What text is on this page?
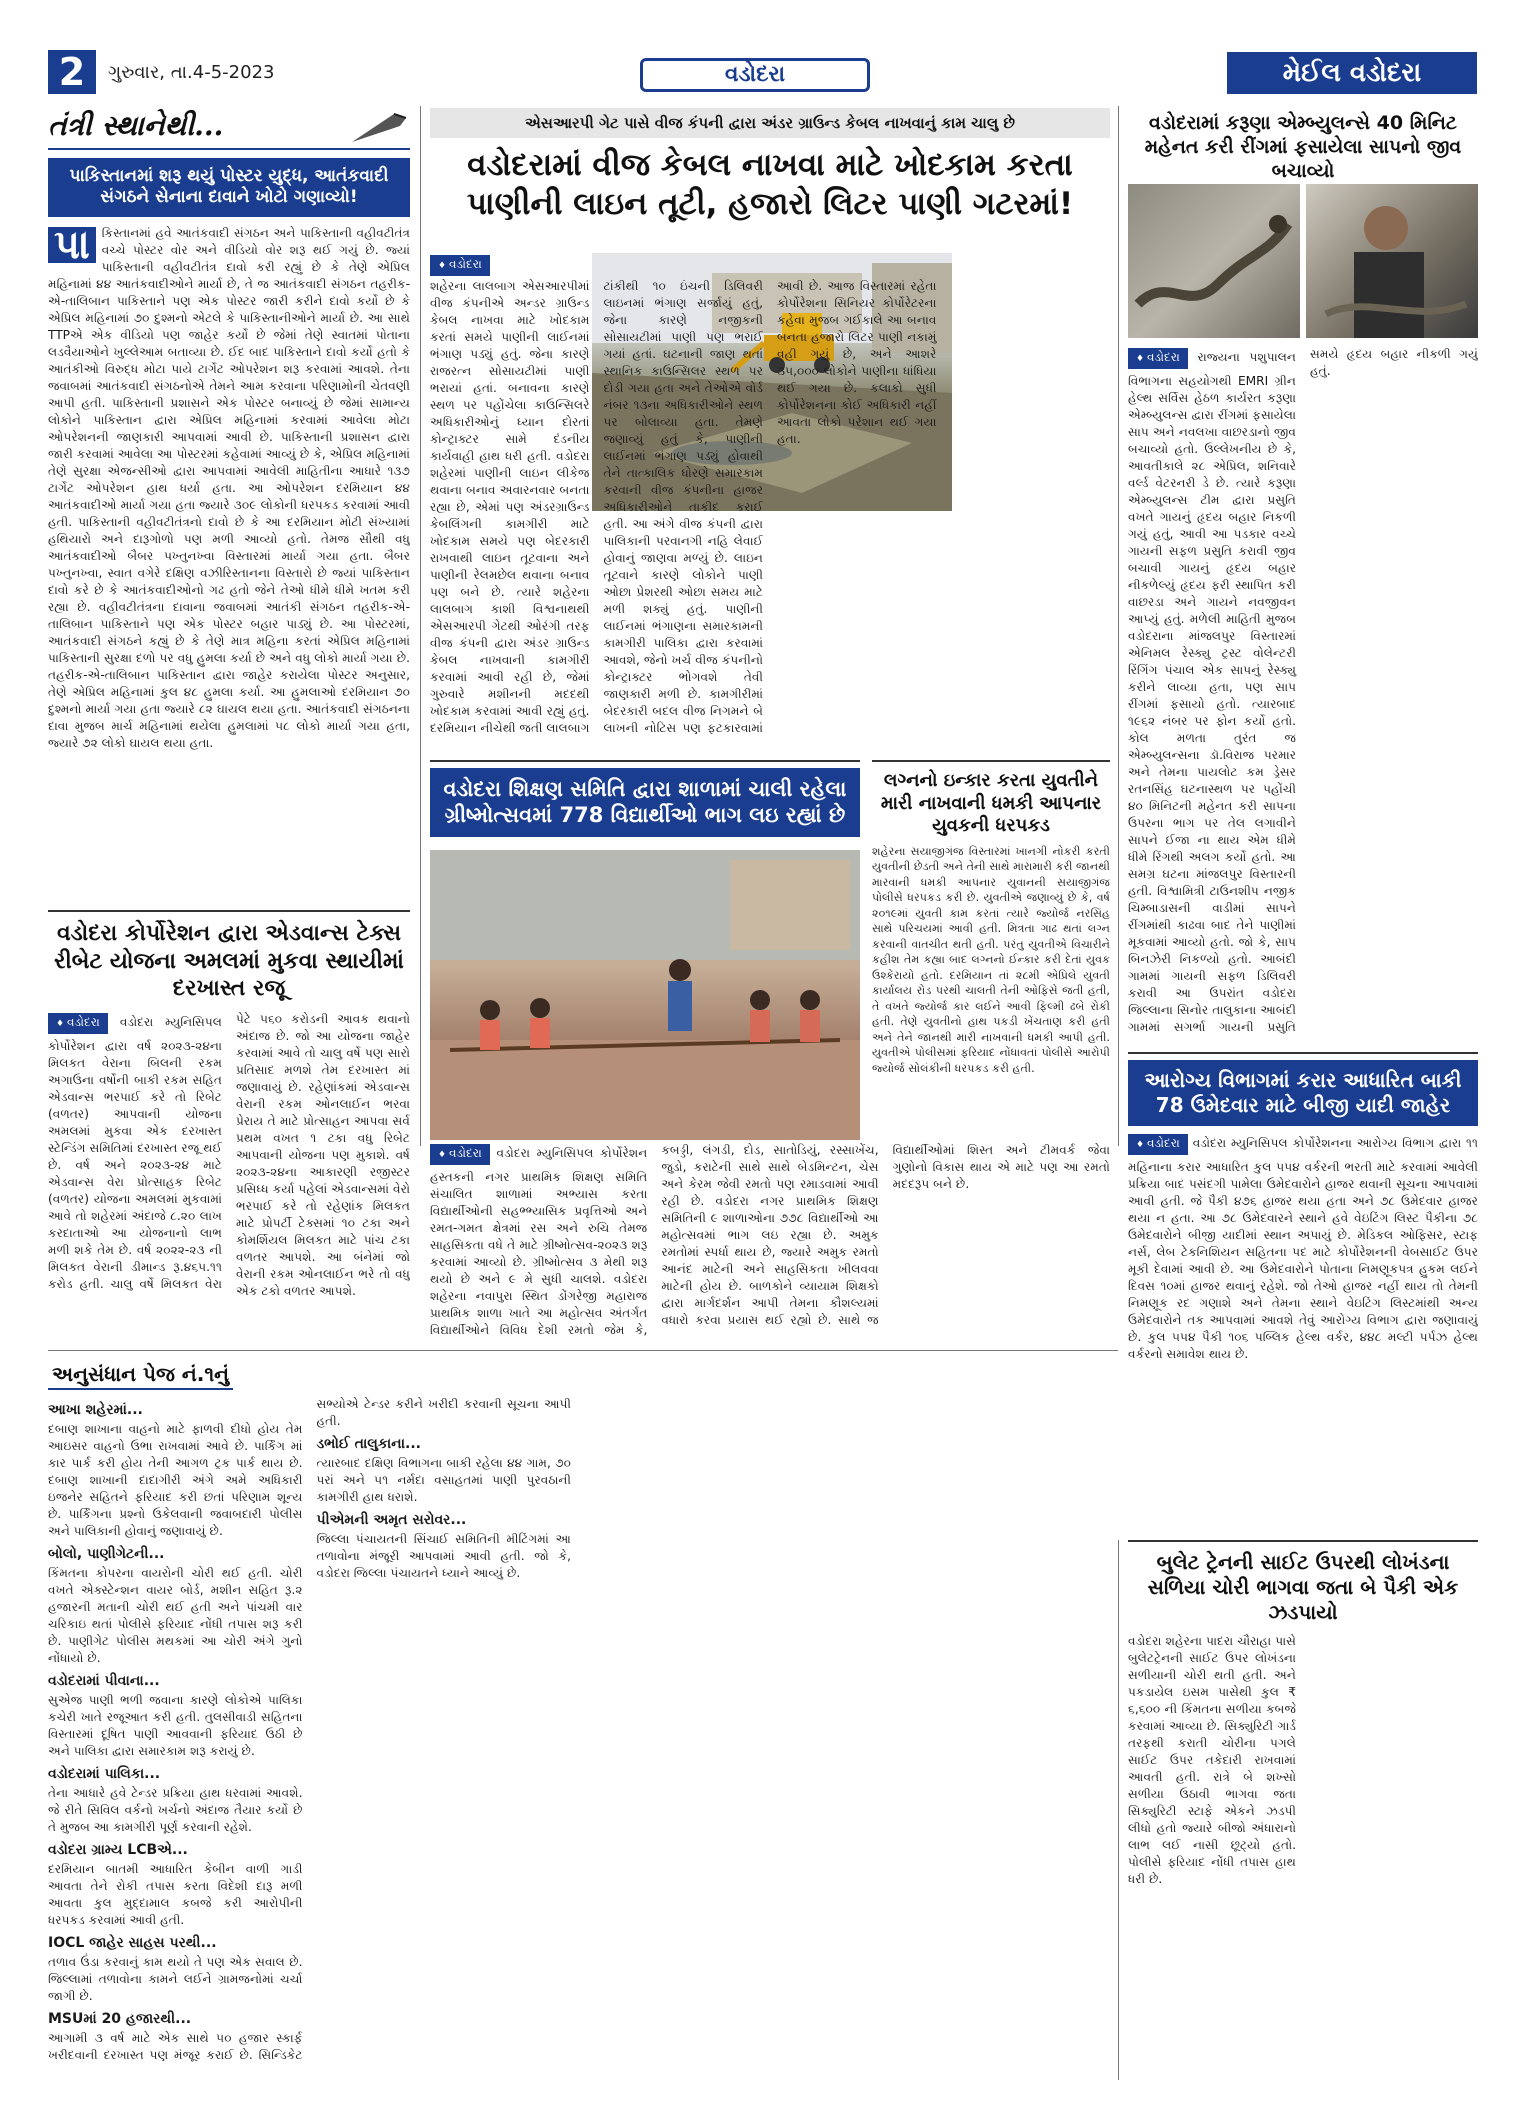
2	ગુરુવાર, તા.4-5-2023	વડોદરા	મેઈલ વડોદરા
તંત્રી સ્થાનેથી...
પાકિસ્તાનમાં શરૂ થયું પોસ્ટર યુદ્ધ, આતંકવાદી સંગઠને સેનાના દાવાને ખોટો ગણાવ્યો!
પા કિસ્તાનમાં હવે આતંકવાદી સંગઠન અને પાકિસ્તાની વહીવટીતંત્ર વચ્ચે પોસ્ટર વોર અને વીડિયો વોર શરૂ થઈ ગયું છે. જ્યાં પાકિસ્તાની વહીવટીતંત્ર દાવો કરી રહ્યું છે કે તેણે એપ્રિલ મહિનામાં ૪૪ આતંકવાદીઓને માર્યા છે, તે જ આતંકવાદી સંગઠન તહરીક-એ-તાલિબાન પાકિસ્તાને પણ એક પોસ્ટર જારી કરીને દાવો કર્યો છે કે એપ્રિલ મહિનામાં ૭૦ દુશ્મનો એટલે કે પાકિસ્તાનીઓને માર્યા છે. આ સાથે TTPએ એક વીડિયો પણ જાહેર કર્યો છે જેમાં તેણે સ્વાતમાં પોતાના લડવૈયાઓને ખુલ્લેઆમ બતાવ્યા છે. ઈદ બાદ પાકિસ્તાને દાવો કર્યો હતો કે આતંકીઓ વિરુદ્ધ મોટા પાયે ટાર્ગેટ ઓપરેશન શરૂ કરવામાં આવશે. તેના જવાબમાં આતંકવાદી સંગઠનોએ તેમને આમ કરવાના પરિણામોની ચેતવણી આપી હતી. પાકિસ્તાની પ્રશાસને એક પોસ્ટર બનાવ્યું છે જેમાં સામાન્ય લોકોને પાકિસ્તાન દ્વારા એપ્રિલ મહિનામાં કરવામાં આવેલા મોટા ઓપરેશનની જાણકારી આપવામાં આવી છે. પાકિસ્તાની પ્રશાસન દ્વારા જારી કરવામાં આવેલા આ પોસ્ટરમાં કહેવામાં આવ્યું છે કે, એપ્રિલ મહિનામાં તેણે સુરક્ષા એજન્સીઓ દ્વારા આપવામાં આવેલી માહિતીના આધારે ૧૩૭ ટાર્ગેટ ઓપરેશન હાથ ધર્યા હતા. આ ઓપરેશન દરમિયાન ૪૪ આતંકવાદીઓ માર્યા ગયા હતા જ્યારે ૩૦૯ લોકોની ધરપકડ કરવામાં આવી હતી. પાકિસ્તાની વહીવટીતંત્રનો દાવો છે કે આ દરમિયાન મોટી સંખ્યામાં હથિયારો અને દારૂગોળો પણ મળી આવ્યો હતો. તેમજ સૌથી વધુ આતંકવાદીઓ બૈબર પખ્તુનખ્વા વિસ્તારમાં માર્યા ગયા હતા. બૈબર પખ્તુનખ્વા, સ્વાત વગેરે દક્ષિણ વઝીરિસ્તાનના વિસ્તારો છે જ્યાં પાકિસ્તાન દાવો કરે છે કે આતંકવાદીઓનો ગઢ હતો જેને તેઓ ધીમે ધીમે ખતમ કરી રહ્યા છે. વહીવટીતંત્રના દાવાના જવાબમાં આતંકી સંગઠન તહરીક-એ-તાલિબાન પાકિસ્તાને પણ એક પોસ્ટર બહાર પાડ્યું છે. આ પોસ્ટરમાં, આતંકવાદી સંગઠને કહ્યું છે કે તેણે માત્ર મહિના કરતાં એપ્રિલ મહિનામાં પાકિસ્તાની સુરક્ષા દળો પર વધુ હુમલા કર્યા છે અને વધુ લોકો માર્યા ગયા છે. તહરીક-એ-તાલિબાન પાકિસ્તાન દ્વારા જાહેર કરાયેલા પોસ્ટર અનુસાર, તેણે એપ્રિલ મહિનામાં કુલ ૪૮ હુમલા કર્યા. આ હુમલાઓ દરમિયાન ૭૦ દુશ્મનો માર્યા ગયા હતા જ્યારે ૮૨ ઘાયલ થયા હતા. આતંકવાદી સંગઠનના દાવા મુજબ માર્ચ મહિનામાં થયેલા હુમલામાં ૫૮ લોકો માર્યા ગયા હતા, જ્યારે ૭૨ લોકો ઘાયલ થયા હતા.
વડોદરા કોર્પોરેશન દ્વારા એડવાન્સ ટેક્સ રીબેટ યોજના અમલમાં મુકવા સ્થાયીમાં દરખાસ્ત રજૂ
♦ વડોદરા વડોદરા મ્યુનિસિપલ કોર્પોરેશન દ્વારા વર્ષ ૨૦૨૩-૨૪ના મિલકત વેરાના બિલની રકમ અગાઉના વર્ષોની બાકી રકમ સહિત એડવાન્સ ભરપાઈ કરે તો રિબેટ (વળતર) આપવાની યોજના અમલમાં મુકવા એક દરખાસ્ત સ્ટેન્ડિંગ સમિતિમાં દરખાસ્ત રજૂ થઈ છે. વર્ષ અને ૨૦૨૩-૨૪ માટે એડવાન્સ વેરા પ્રોત્સાહક રિબેટ (વળતર) યોજના અમલમાં મુકવામાં આવે તો શહેરમાં અંદાજે ૮.૨૦ લાખ કરદાતાઓ આ યોજનાનો લાભ મળી શકે તેમ છે. વર્ષ ૨૦૨૨-૨૩ ની મિલકત વેરાની ડીમાન્ડ રૂ.૪૬૫.૧૧ કરોડ હતી. ચાલુ વર્ષે મિલકત વેરા પેટે ૫૬૦ કરોડની આવક થવાનો અંદાજ છે. જો આ યોજના જાહેર કરવામાં આવે તો ચાલુ વર્ષે પણ સારો પ્રતિસાદ મળશે તેમ દરખાસ્ત માં જણાવાયું છે. રહેણાંકમાં એડવાન્સ વેરાની રકમ ઓનલાઈન ભરવા પ્રેરાય તે માટે પ્રોત્સાહન આપવા સર્વ પ્રથમ વખત ૧ ટકા વધુ રિબેટ આપવાની યોજના પણ મુકાશે. વર્ષ ૨૦૨૩-૨૪ના આકારણી રજીસ્ટર પ્રસિધ્ધ કર્યા પહેલાં એડવાન્સમાં વેરો ભરપાઈ કરે તો રહેણાંક મિલકત માટે પ્રોપર્ટી ટેક્સમાં ૧૦ ટકા અને કોમર્શિયલ મિલકત માટે પાંચ ટકા વળતર આપશે. આ બંનેમાં જો વેરાની રકમ ઓનલાઈન ભરે તો વધુ એક ટકો વળતર આપશે.
એસઆરપી ગેટ પાસે વીજ કંપની દ્વારા અંડર ગ્રાઉન્ડ કેબલ નાખવાનું કામ ચાલુ છે
વડોદરામાં વીજ કેબલ નાખવા માટે ખોદકામ કરતા પાણીની લાઇન તૂટી, હજારો લિટર પાણી ગટરમાં!
♦ વડોદરા
શહેરના લાલબાગ એસઆરપીમાં વીજ કંપનીએ અન્ડર ગ્રાઉન્ડ કેબલ નાખવા માટે ખોદકામ કરતાં સમયે પાણીની લાઈનમાં ભંગાણ પડ્યું હતું. જેના કારણે રાજરત્ન સોસાયટીમાં પાણી ભરાયાં હતાં. બનાવના કારણે સ્થળ પર પહોંચેલા કાઉન્સિલરે અધિકારીઓનું ધ્યાન દોરતાં કોન્ટ્રાક્ટર સામે દંડનીય કાર્યવાહી હાથ ધરી હતી. વડોદરા શહેરમાં પાણીની લાઇન લીકેજ થવાના બનાવ અવારનવાર બનતા રહ્યા છે, એમાં પણ અંડરગ્રાઉન્ડ કેબલિંગની કામગીરી માટે ખોદકામ સમયે પણ બેદરકારી રાખવાથી લાઇન તૂટવાના અને પાણીની રેલમછેલ થવાના બનાવ પણ બને છે. ત્યારે શહેરના લાલબાગ કાશી વિશ્વનાથથી એસઆરપી ગેટથી ઓરંગી તરફ વીજ કંપની દ્વારા અંડર ગ્રાઉન્ડ કેબલ નાખવાની કામગીરી કરવામાં આવી રહી છે, જેમાં ગુરુવારે મશીનની મદદથી ખોદકામ કરવામાં આવી રહ્યું હતું. દરમિયાન નીચેથી જતી લાલબાગ ટાંકીથી ૧૦ ઇંચની ડિલિવરી લાઇનમાં ભંગાણ સર્જાયું હતું, જેના કારણે નજીકની સોસાયટીમાં પાણી પણ ભરાઈ ગયાં હતાં. ઘટનાની જાણ થતાં સ્થાનિક કાઉન્સિલર સ્થળ પર દોડી ગયા હતા અને તેઓએ વોર્ડ નંબર ૧૩ના અધિકારીઓને સ્થળ પર બોલાવ્યા હતા. તેમણે જણાવ્યું હતું કે, પાણીની લાઈનમાં ભંગાણ પડ્યું હોવાથી તેને તાત્કાલિક ધોરણે સમારકામ કરવાની વીજ કંપનીના હાજર અધિકારીઓને તાકીદ કરાઈ હતી. આ અંગે વીજ કંપની દ્વારા પાલિકાની પરવાનગી નહિ લેવાઈ હોવાનું જાણવા મળ્યું છે. લાઇન તૂટવાને કારણે લોકોને પાણી ઓછા પ્રેશરથી ઓછા સમય માટે મળી શક્યું હતું. પાણીની લાઈનમાં ભંગાણના સમારકામની કામગીરી પાલિકા દ્વારા કરવામાં આવશે, જેનો ખર્ચ વીજ કંપનીનો કોન્ટ્રાક્ટર ભોગવશે તેવી જાણકારી મળી છે. કામગીરીમાં બેદરકારી બદલ વીજ નિગમને બે લાખની નોટિસ પણ ફટકારવામાં આવી છે. આજ વિસ્તારમાં રહેતા કોર્પોરેશના સિનિયર કોર્પોરેટરના કહેવા મુજબ ગઈકાલે આ બનાવ બનતા હજારો લિટર પાણી નકામું વહી ગયું છે, અને આશરે ૩૫,૦૦૦ લોકોને પાણીના ધાંધિયા થઈ ગયા છે. કલાકો સુધી કોર્પોરેશનના કોઈ અધિકારી નહીં આવતા લોકો પરેશાન થઈ ગયા હતા.
વડોદરામાં કરૂણા એમ્બ્યુલન્સે 40 મિનિટ મહેનત કરી રીંગમાં ફસાયેલા સાપનો જીવ બચાવ્યો
♦ વડોદરા રાજ્યના પશુપાલન વિભાગના સહયોગથી EMRI ગ્રીન હેલ્થ સર્વિસ હેઠળ કાર્યરત કરૂણા એમ્બ્યુલન્સ દ્વારા રીંગમાં ફસાયેલા સાપ અને નવલખા વાછરડાનો જીવ બચાવ્યો હતો. ઉલ્લેખનીય છે કે, આવતીકાલે ૨૮ એપ્રિલ, શનિવારે વર્લ્ડ વેટરનરી ડે છે. ત્યારે કરૂણા એમ્બ્યુલન્સ ટીમ દ્વારા પ્રસુતિ વખતે ગાયનું હૃદય બહાર નિકળી ગયું હતું, આવી આ પડકાર વચ્ચે ગાયની સફળ પ્રસુતિ કરાવી જીવ બચાવી ગાયનું હૃદય બહાર નીકળેલ્યું હૃદય ફરી સ્થાપિત કરી વાછરડા અને ગાયને નવજીવન આપ્યું હતું. મળેલી માહિતી મુજબ વડોદરાના માંજલપુર વિસ્તારમાં એનિમલ રેસ્ક્યુ ટ્રસ્ટ વોલેન્ટરી રિંગિંગ પંચાલ એક સાપનું રેસ્ક્યુ કરીને લાવ્યા હતા, પણ સાપ રીંગમાં ફસાયો હતો. ત્યારબાદ ૧૯૬૨ નંબર પર ફોન કર્યો હતો. કોલ મળતા તુરંત જ એમ્બ્યુલન્સના ડૉ.વિરાજ પરમાર અને તેમના પાયલોટ કમ ડ્રેસર રતનસિંહ ઘટનાસ્થળ પર પહોંચી ૪૦ મિનિટની મહેનત કરી સાપના ઉપરના ભાગ પર તેલ લગાવીને સાપને ઈજા ના થાય એમ ધીમે ધીમે રિંગથી અલગ કર્યો હતો. આ સમગ્ર ઘટના માંજલપુર વિસ્તારની હતી. વિશ્વામિત્રી ટાઉનશીપ નજીક ચિમ્બાડાસની વાડીમાં સાપને રીંગમાંથી કાઢવા બાદ તેને પાણીમાં મૂકવામાં આવ્યો હતો. જો કે, સાપ બિનઝેરી નિકળ્યો હતો. આબંદી ગામમાં ગાયની સફળ ડિલિવરી કરાવી આ ઉપરાંત વડોદરા જિલ્લાના સિનોર તાલુકાના આબંદી ગામમાં સગર્ભા ગાયની પ્રસુતિ સમયે હૃદય બહાર નીકળી ગયું હતું.
વડોદરા શિક્ષણ સમિતિ દ્વારા શાળામાં ચાલી રહેલા ગ્રીષ્મોત્સવમાં 778 વિદ્યાર્થીઓ ભાગ લઇ રહ્યાં છે
લગ્નનો ઇન્કાર કરતા યુવતીને મારી નાખવાની ધમકી આપનાર યુવકની ધરપકડ
શહેરના સયાજીગંજ વિસ્તારમાં ખાનગી નોકરી કરતી યુવતીની છેડતી અને તેની સાથે મારામારી કરી જાનથી મારવાની ધમકી આપનાર યુવાનની સયાજીગંજ પોલીસે ધરપકડ કરી છે. યુવતીએ જણાવ્યું છે કે, વર્ષ ૨૦૧૯માં યુવતી કામ કરતાં ત્યારે જ્યોર્જ નરસિંહ સાથે પરિચયમાં આવી હતી. મિત્રતા ગાઢ થતાં લગ્ન કરવાની વાતચીત થતી હતી. પરંતુ યુવતીએ વિચારીને કહીશ તેમ કહ્યા બાદ લગ્નનો ઈન્કાર કરી દેતાં યુવક ઉશ્કેરાયો હતો. દરમિયાન તાં ૨૮મી એપ્રિલે યુવતી કાર્યાલય રોડ પરથી ચાલતી તેની ઓફિસે જતી હતી, તે વખતે જ્યોર્જ કાર લઈને આવી ફિલ્મી ઢબે રોકી હતી. તેણે યુવતીનો હાથ પકડી ખેંચતાણ કરી હતી અને તેને જાનથી મારી નાખવાની ધમકી આપી હતી. યુવતીએ પોલીસમાં ફરિયાદ નોંધાવતાં પોલીસે આરોપી જ્યોર્જ સોલંકીની ધરપકડ કરી હતી.
♦ વડોદરા વડોદરા મ્યુનિસિપલ કોર્પોરેશન હસ્તકની નગર પ્રાથમિક શિક્ષણ સમિતિ સંચાલિત શાળામાં અભ્યાસ કરતા વિદ્યાર્થીઓની સહભ્ભ્યાસિક પ્રવૃત્તિઓ અને રમત-ગમત ક્ષેત્રમાં રસ અને રુચિ તેમજ સાહસિકતા વધે તે માટે ગ્રીષ્મોત્સવ-૨૦૨૩ શરૂ કરવામાં આવ્યો છે. ગ્રીષ્મોત્સવ ૩ મેથી શરૂ થયો છે અને ૯ મે સુધી ચાલશે. વડોદરા શહેરના નવાપુરા સ્થિત ડોંગરેજી મહારાજ પ્રાથમિક શાળા ખાતે આ મહોત્સવ અંતર્ગત વિદ્યાર્થીઓને વિવિધ દેશી રમતો જેમ કે, કબડ્ડી, લંગડી, દોડ, સાતોડિયું, રસ્સાખેંચ, જુડો, કરાટેની સાથે સાથે બેડમિન્ટન, ચેસ અને કેરમ જેવી રમતો પણ રમાડવામાં આવી રહી છે. વડોદરા નગર પ્રાથમિક શિક્ષણ સમિતિની ૯ શાળાઓના ૭૭૮ વિદ્યાર્થીઓ આ મહોત્સવમાં ભાગ લઇ રહ્યા છે. અમુક રમતોમાં સ્પર્ધા થાય છે, જ્યારે અમુક રમતો આનંદ માટેની અને સાહસિકતા ખીલવવા માટેની હોય છે. બાળકોને વ્યાયામ શિક્ષકો દ્વારા માર્ગદર્શન આપી તેમના કૌશલ્યમાં વધારો કરવા પ્રયાસ થઈ રહ્યો છે. સાથે જ વિદ્યાર્થીઓમાં શિસ્ત અને ટીમવર્ક જેવા ગુણોનો વિકાસ થાય એ માટે પણ આ રમતો મદદરૂપ બને છે.
આરોગ્ય વિભાગમાં કરાર આધારિત બાકી 78 ઉમેદવાર માટે બીજી યાદી જાહેર
♦ વડોદરા વડોદરા મ્યુનિસિપલ કોર્પોરેશનના આરોગ્ય વિભાગ દ્વારા ૧૧ મહિનાના કરાર આધારિત કુલ ૫૫૪ વર્કરની ભરતી માટે કરવામાં આવેલી પ્રક્રિયા બાદ પસંદગી પામેલા ઉમેદવારોને હાજર થવાની સૂચના આપવામાં આવી હતી. જે પૈકી ૪૭૬ હાજર થયા હતા અને ૭૮ ઉમેદવાર હાજર થયા ન હતા. આ ૭૮ ઉમેદવારને સ્થાને હવે વેઇટિંગ લિસ્ટ પૈકીના ૭૮ ઉમેદવારોને બીજી યાદીમાં સ્થાન અપાયું છે. મેડિકલ ઓફિસર, સ્ટાફ નર્સ, લેબ ટેકનિશિયન સહિતના પદ માટે કોર્પોરેશનની વેબસાઈટ ઉપર મૂકી દેવામાં આવી છે. આ ઉમેદવારોને પોતાના નિમણૂકપત્ર હુકમ લઈને દિવસ ૧૦માં હાજર થવાનું રહેશે. જો તેઓ હાજર નહીં થાય તો તેમની નિમણૂક રદ ગણાશે અને તેમના સ્થાને વેઇટિંગ લિસ્ટમાંથી અન્ય ઉમેદવારોને તક આપવામાં આવશે તેવું આરોગ્ય વિભાગ દ્વારા જણાવાયું છે. કુલ ૫૫૪ પૈકી ૧૦૬ પબ્લિક હેલ્થ વર્કર, ૪૪૮ મલ્ટી પર્પઝ હેલ્થ વર્કરનો સમાવેશ થાય છે.
અનુસંધાન પેજ નં.૧નું
આખા શહેરમાં...
દબાણ શાખાના વાહનો માટે ફાળવી દીધો હોય તેમ આઇસર વાહનો ઉભા રાખવામાં આવે છે. પાર્કિંગ માં કાર પાર્ક કરી હોય તેની આગળ ટ્રક પાર્ક થાય છે. દબાણ શાખાની દાદાગીરી અંગે અમે અધિકારી ઇજનેર સહિતને ફરિયાદ કરી છતાં પરિણામ શૂન્ય છે. પાર્કિંગના પ્રશ્નો ઉકેલવાની જવાબદારી પોલીસ અને પાલિકાની હોવાનું જણાવાયું છે.
બોલો, પાણીગેટની...
કિંમતના કોપરના વાયરોની ચોરી થઈ હતી. ચોરી વખતે એક્સ્ટેન્શન વાયર બોર્ડ, મશીન સહિત રૂ.૨ હજારની મતાની ચોરી થઈ હતી અને પાંચમી વાર ચરિકાઇ થતાં પોલીસે ફરિયાદ નોંધી તપાસ શરૂ કરી છે. પાણીગેટ પોલીસ મથકમાં આ ચોરી અંગે ગુનો નોંધાયો છે.
વડોદરામાં પીવાના...
સુએજ પાણી ભળી જવાના કારણે લોકોએ પાલિકા કચેરી ખાતે રજૂઆત કરી હતી. તુલસીવાડી સહિતના વિસ્તારમાં દૂષિત પાણી આવવાની ફરિયાદ ઉઠી છે અને પાલિકા દ્વારા સમારકામ શરૂ કરાયું છે.
વડોદરામાં પાલિકા...
તેના આધારે હવે ટેન્ડર પ્રક્રિયા હાથ ધરવામાં આવશે. જે રીતે સિવિલ વર્કનો ખર્ચનો અંદાજ તૈયાર કર્યો છે તે મુજબ આ કામગીરી પૂર્ણ કરવાની રહેશે.
વડોદરા ગ્રામ્ય LCBએ...
દરમિયાન બાતમી આધારિત કેબીન વાળી ગાડી આવતા તેને રોકી તપાસ કરતા વિદેશી દારૂ મળી આવતા કુલ મુદ્દામાલ કબજે કરી આરોપીની ધરપકડ કરવામાં આવી હતી.
IOCL જાહેર સાહસ પરથી...
તળાવ ઉંડા કરવાનું કામ થયો તે પણ એક સવાલ છે. જિલ્લામાં તળાવોના કામને લઈને ગ્રામજનોમાં ચર્ચા જાગી છે.
MSUમાં 20 હજારથી...
આગામી ૩ વર્ષ માટે એક સાથે ૫૦ હજાર સ્કાર્ફ ખરીદવાની દરખાસ્ત પણ મંજૂર કરાઈ છે. સિન્ડિકેટ સભ્યોએ ટેન્ડર કરીને ખરીદી કરવાની સૂચના આપી હતી.
ડભોઈ તાલુકાના...
ત્યારબાદ દક્ષિણ વિભાગના બાકી રહેલા ૪૪ ગામ, ૭૦ પરાં અને ૫૧ નર્મદા વસાહતમાં પાણી પુરવઠાની કામગીરી હાથ ધરાશે.
પીએમની અમૃત સરોવર...
જિલ્લા પંચાયતની સિંચાઈ સમિતિની મીટિંગમાં આ તળાવોના મંજૂરી આપવામાં આવી હતી. જો કે, વડોદરા જિલ્લા પંચાયતને ધ્યાને આવ્યું છે.	બુલેટ ટ્રેનની સાઈટ ઉપરથી લોખંડના સળિયા ચોરી ભાગવા જતા બે પૈકી એક ઝડપાયો
વડોદરા શહેરના પાદરા ચૌરાહા પાસે બુલેટટ્રેનની સાઈટ ઉપર લોખંડના સળીયાની ચોરી થતી હતી. અને પકડાયેલ ઇસમ પાસેથી કુલ ₹ ૬,૬૦૦ ની કિંમતના સળીયા કબજે કરવામાં આવ્યા છે. સિક્યુરિટી ગાર્ડ તરફથી કરાતી ચોરીના પગલે સાઈટ ઉપર તકેદારી રાખવામાં આવતી હતી. રાત્રે બે શખ્સો સળીયા ઉઠાવી ભાગવા જતા સિક્યુરિટી સ્ટાફે એકને ઝડપી લીધો હતો જ્યારે બીજો અંધારાનો લાભ લઈ નાસી છૂટ્યો હતો. પોલીસે ફરિયાદ નોંધી તપાસ હાથ ધરી છે.
